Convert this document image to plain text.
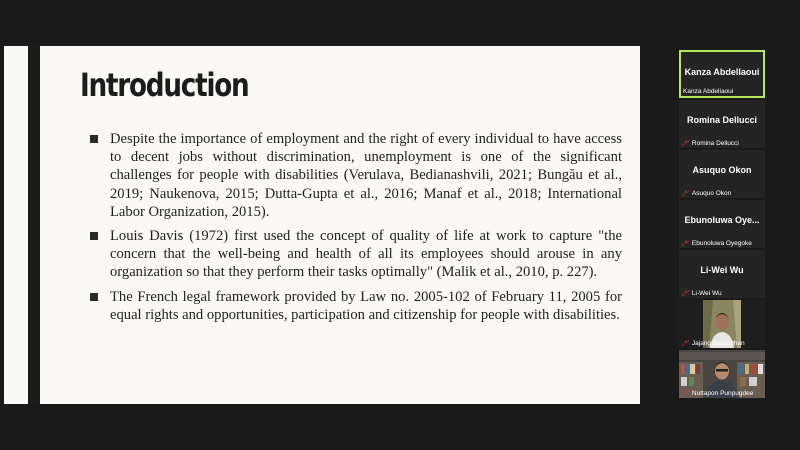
Introduction
Despite the importance of employment and the right of every individual to have access to decent jobs without discrimination, unemployment is one of the significant challenges for people with disabilities (Verulava, Bedianashvili, 2021; Bungău et al., 2019; Naukenova, 2015; Dutta-Gupta et al., 2016; Manaf et al., 2018; International Labor Organization, 2015).
Louis Davis (1972) first used the concept of quality of life at work to capture "the concern that the well-being and health of all its employees should arouse in any organization so that they perform their tasks optimally" (Malik et al., 2010, p. 227).
The French legal framework provided by Law no. 2005-102 of February 11, 2005 for equal rights and opportunities, participation and citizenship for people with disabilities.
Kanza Abdellaoui
Kanza Abdellaoui
Romina Dellucci
🎤︎ Romina Dellucci
Asuquo Okon
🎤︎ Asuquo Okon
Ebunoluwa Oye...
🎤︎ Ebunoluwa Oyegoke
Li-Wei Wu
🎤︎ Li-Wei Wu
🎤︎ Jajang Ramadhan
🎤︎ Nuttapon Punpugdee
